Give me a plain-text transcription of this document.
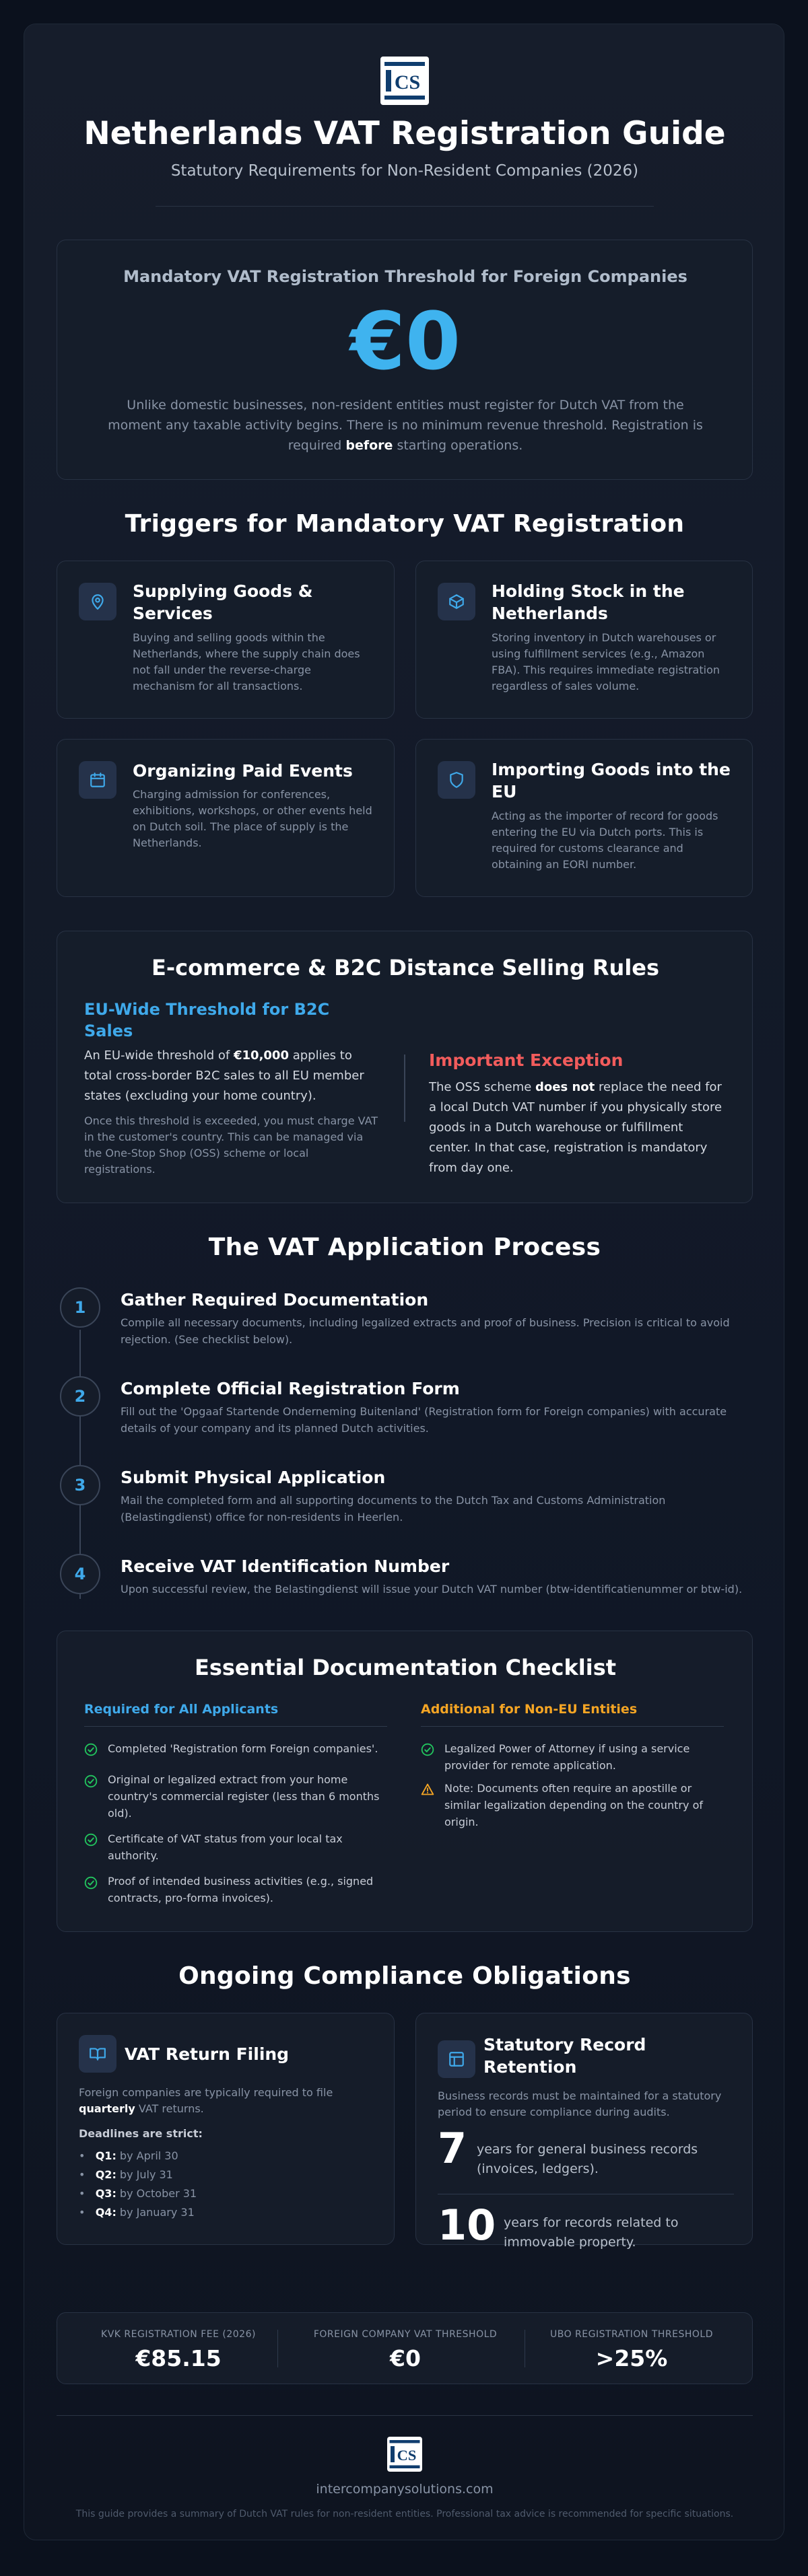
CS
Netherlands VAT Registration Guide
Statutory Requirements for Non-Resident Companies (2026)
Mandatory VAT Registration Threshold for Foreign Companies
€0
Unlike domestic businesses, non-resident entities must register for Dutch VAT from the moment any taxable activity begins. There is no minimum revenue threshold. Registration is required before starting operations.
Triggers for Mandatory VAT Registration
Supplying Goods & Services
Buying and selling goods within the Netherlands, where the supply chain does not fall under the reverse-charge mechanism for all transactions.
Holding Stock in the Netherlands
Storing inventory in Dutch warehouses or using fulfillment services (e.g., Amazon FBA). This requires immediate registration regardless of sales volume.
Organizing Paid Events
Charging admission for conferences, exhibitions, workshops, or other events held on Dutch soil. The place of supply is the Netherlands.
Importing Goods into the EU
Acting as the importer of record for goods entering the EU via Dutch ports. This is required for customs clearance and obtaining an EORI number.
E-commerce & B2C Distance Selling Rules
EU-Wide Threshold for B2C Sales
An EU-wide threshold of €10,000 applies to total cross-border B2C sales to all EU member states (excluding your home country).
Once this threshold is exceeded, you must charge VAT in the customer's country. This can be managed via the One-Stop Shop (OSS) scheme or local registrations.
Important Exception
The OSS scheme does not replace the need for a local Dutch VAT number if you physically store goods in a Dutch warehouse or fulfillment center. In that case, registration is mandatory from day one.
The VAT Application Process
1	Gather Required Documentation
Compile all necessary documents, including legalized extracts and proof of business. Precision is critical to avoid rejection. (See checklist below).
2	Complete Official Registration Form
Fill out the 'Opgaaf Startende Onderneming Buitenland' (Registration form for Foreign companies) with accurate details of your company and its planned Dutch activities.
3	Submit Physical Application
Mail the completed form and all supporting documents to the Dutch Tax and Customs Administration (Belastingdienst) office for non-residents in Heerlen.
4	Receive VAT Identification Number
Upon successful review, the Belastingdienst will issue your Dutch VAT number (btw-identificatienummer or btw-id).
Essential Documentation Checklist
Required for All Applicants
Completed 'Registration form Foreign companies'.
Original or legalized extract from your home country's commercial register (less than 6 months old).
Certificate of VAT status from your local tax authority.
Proof of intended business activities (e.g., signed contracts, pro-forma invoices).
Additional for Non-EU Entities
Legalized Power of Attorney if using a service provider for remote application.
Note: Documents often require an apostille or similar legalization depending on the country of origin.
Ongoing Compliance Obligations
VAT Return Filing
Foreign companies are typically required to file quarterly VAT returns.
Deadlines are strict:
•   Q1: by April 30
•   Q2: by July 31
•   Q3: by October 31
•   Q4: by January 31
Statutory Record Retention
Business records must be maintained for a statutory period to ensure compliance during audits.
7 years for general business records (invoices, ledgers).
10 years for records related to immovable property.
KVK REGISTRATION FEE (2026)
€85.15
FOREIGN COMPANY VAT THRESHOLD
€0
UBO REGISTRATION THRESHOLD
>25%
CS
intercompanysolutions.com
This guide provides a summary of Dutch VAT rules for non-resident entities. Professional tax advice is recommended for specific situations.
